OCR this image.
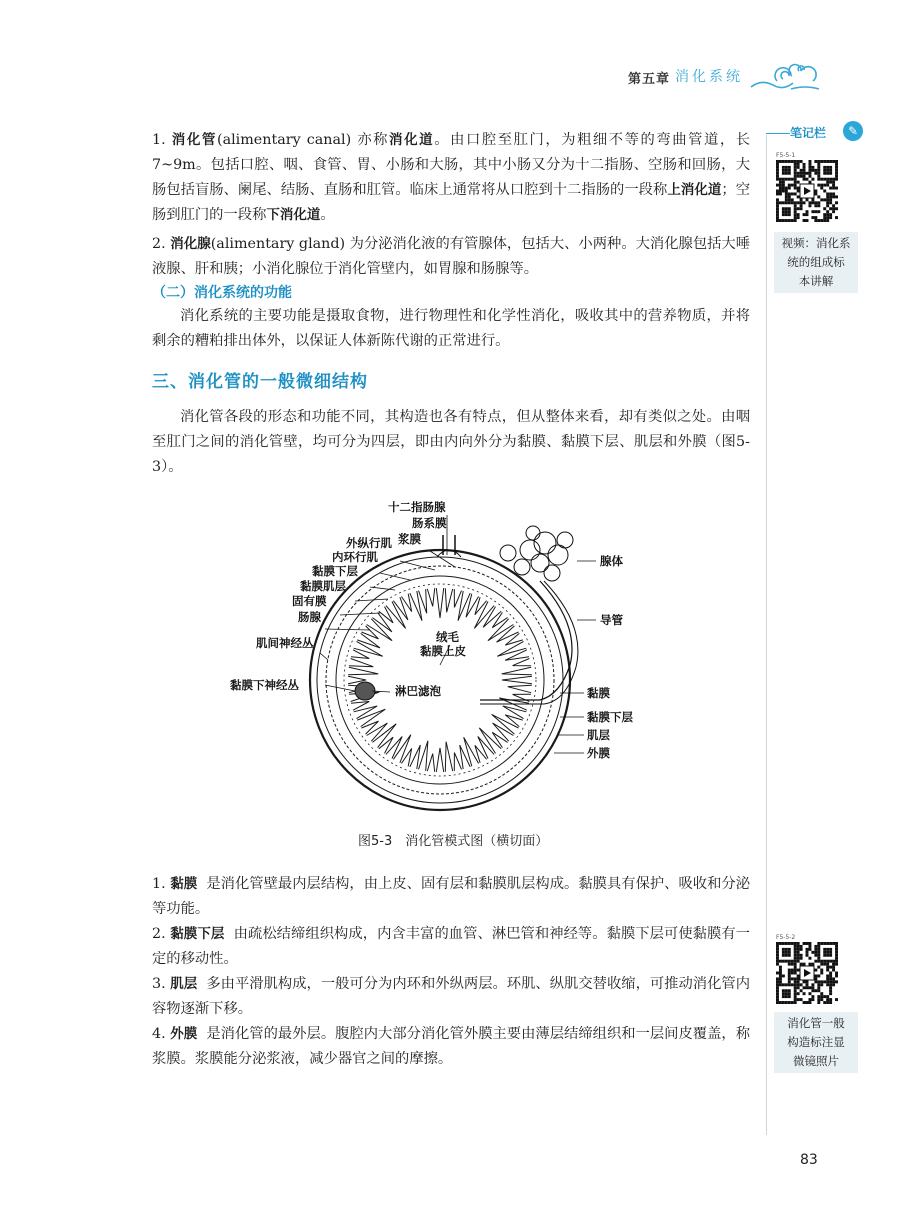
第五章 消化系统
1. 消化管(alimentary canal) 亦称消化道。由口腔至肛门，为粗细不等的弯曲管道，长7~9m。包括口腔、咽、食管、胃、小肠和大肠，其中小肠又分为十二指肠、空肠和回肠，大肠包括盲肠、阑尾、结肠、直肠和肛管。临床上通常将从口腔到十二指肠的一段称上消化道；空肠到肛门的一段称下消化道。
2. 消化腺(alimentary gland) 为分泌消化液的有管腺体，包括大、小两种。大消化腺包括大唾液腺、肝和胰；小消化腺位于消化管壁内，如胃腺和肠腺等。
（二）消化系统的功能
消化系统的主要功能是摄取食物，进行物理性和化学性消化，吸收其中的营养物质，并将剩余的糟粕排出体外，以保证人体新陈代谢的正常进行。
三、消化管的一般微细结构
消化管各段的形态和功能不同，其构造也各有特点，但从整体来看，却有类似之处。由咽至肛门之间的消化管壁，均可分为四层，即由内向外分为黏膜、黏膜下层、肌层和外膜（图5-3）。
十二指肠腺
肠系膜
外纵行肌 浆膜
内环行肌
黏膜下层
黏膜肌层
固有膜
肠腺
肌间神经丛	绒毛
黏膜上皮
黏膜下神经丛	淋巴滤泡
腺体
导管
黏膜
黏膜下层
肌层
外膜
图5-3　消化管模式图（横切面）
1. 黏膜 是消化管壁最内层结构，由上皮、固有层和黏膜肌层构成。黏膜具有保护、吸收和分泌等功能。
2. 黏膜下层 由疏松结缔组织构成，内含丰富的血管、淋巴管和神经等。黏膜下层可使黏膜有一定的移动性。
3. 肌层 多由平滑肌构成，一般可分为内环和外纵两层。环肌、纵肌交替收缩，可推动消化管内容物逐渐下移。
4. 外膜 是消化管的最外层。腹腔内大部分消化管外膜主要由薄层结缔组织和一层间皮覆盖，称浆膜。浆膜能分泌浆液，减少器官之间的摩擦。
笔记栏	✎
F5-5-1
视频：消化系
统的组成标
本讲解
F5-5-2
消化管一般
构造标注显
微镜照片
83
